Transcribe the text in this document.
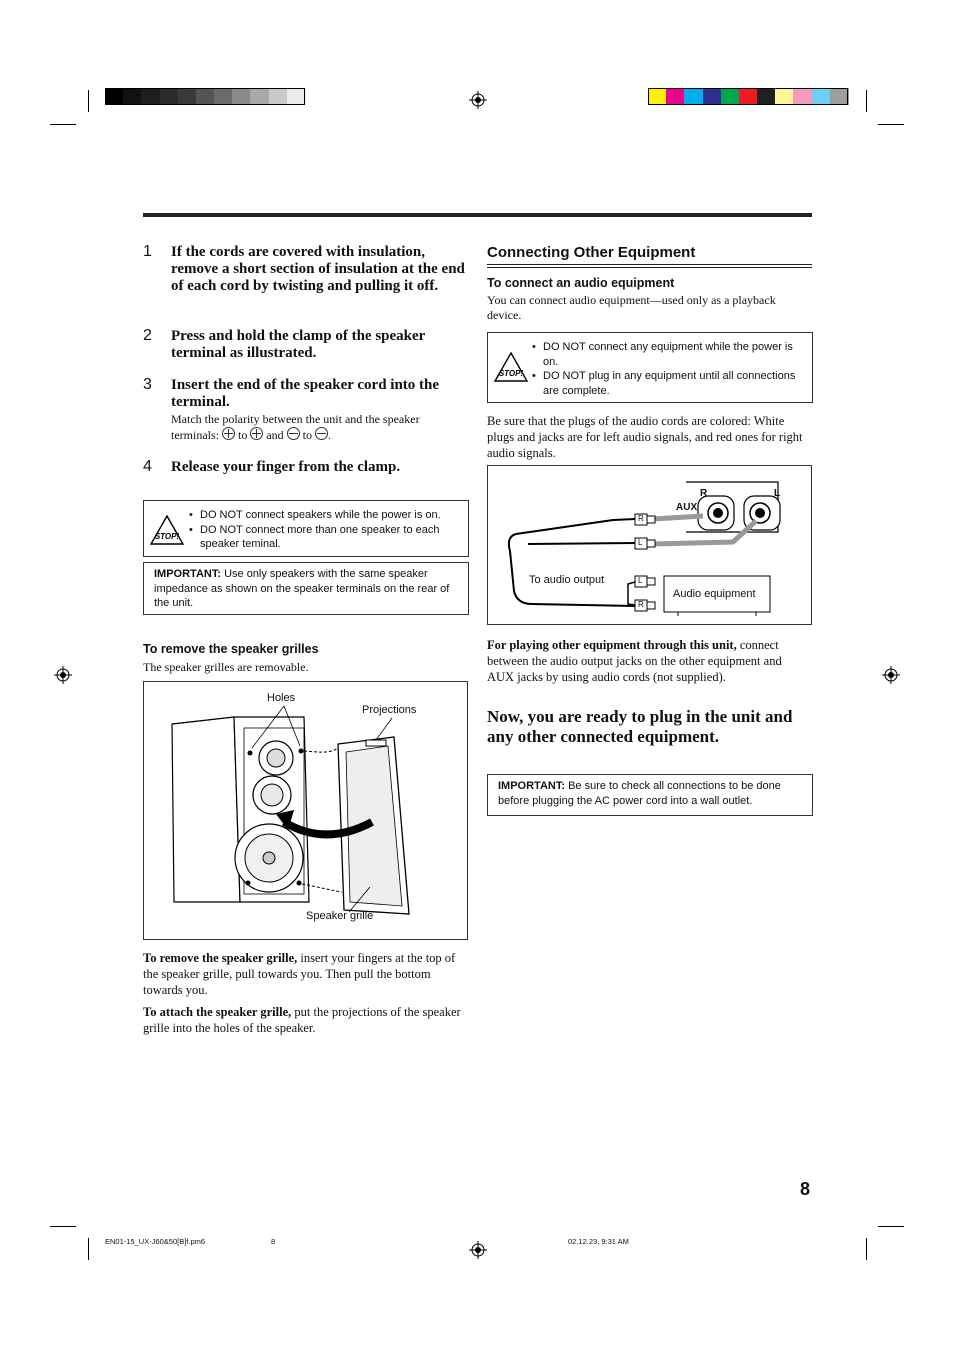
1 If the cords are covered with insulation, remove a short section of insulation at the end of each cord by twisting and pulling it off.
2 Press and hold the clamp of the speaker terminal as illustrated.
3 Insert the end of the speaker cord into the terminal.
Match the polarity between the unit and the speaker terminals: to and to .
4 Release your finger from the clamp.
STOP!
• DO NOT connect speakers while the power is on.
• DO NOT connect more than one speaker to each speaker teminal.
IMPORTANT: Use only speakers with the same speaker impedance as shown on the speaker terminals on the rear of the unit.
To remove the speaker grilles
The speaker grilles are removable.
Holes
Projections
Speaker grille
To remove the speaker grille, insert your fingers at the top of the speaker grille, pull towards you. Then pull the bottom towards you.
To attach the speaker grille, put the projections of the speaker grille into the holes of the speaker.
Connecting Other Equipment
To connect an audio equipment
You can connect audio equipment—used only as a playback device.
STOP!
• DO NOT connect any equipment while the power is on.
• DO NOT plug in any equipment until all connections are complete.
Be sure that the plugs of the audio cords are colored: White plugs and jacks are for left audio signals, and red ones for right audio signals.
AUX
R	L
R
L
L
R
To audio output
Audio equipment
For playing other equipment through this unit, connect between the audio output jacks on the other equipment and AUX jacks by using audio cords (not supplied).
Now, you are ready to plug in the unit and any other connected equipment.
IMPORTANT: Be sure to check all connections to be done before plugging the AC power cord into a wall outlet.
8
EN01-15_UX-J60&50[B]f.pm6	8	02.12.23, 9:31 AM
